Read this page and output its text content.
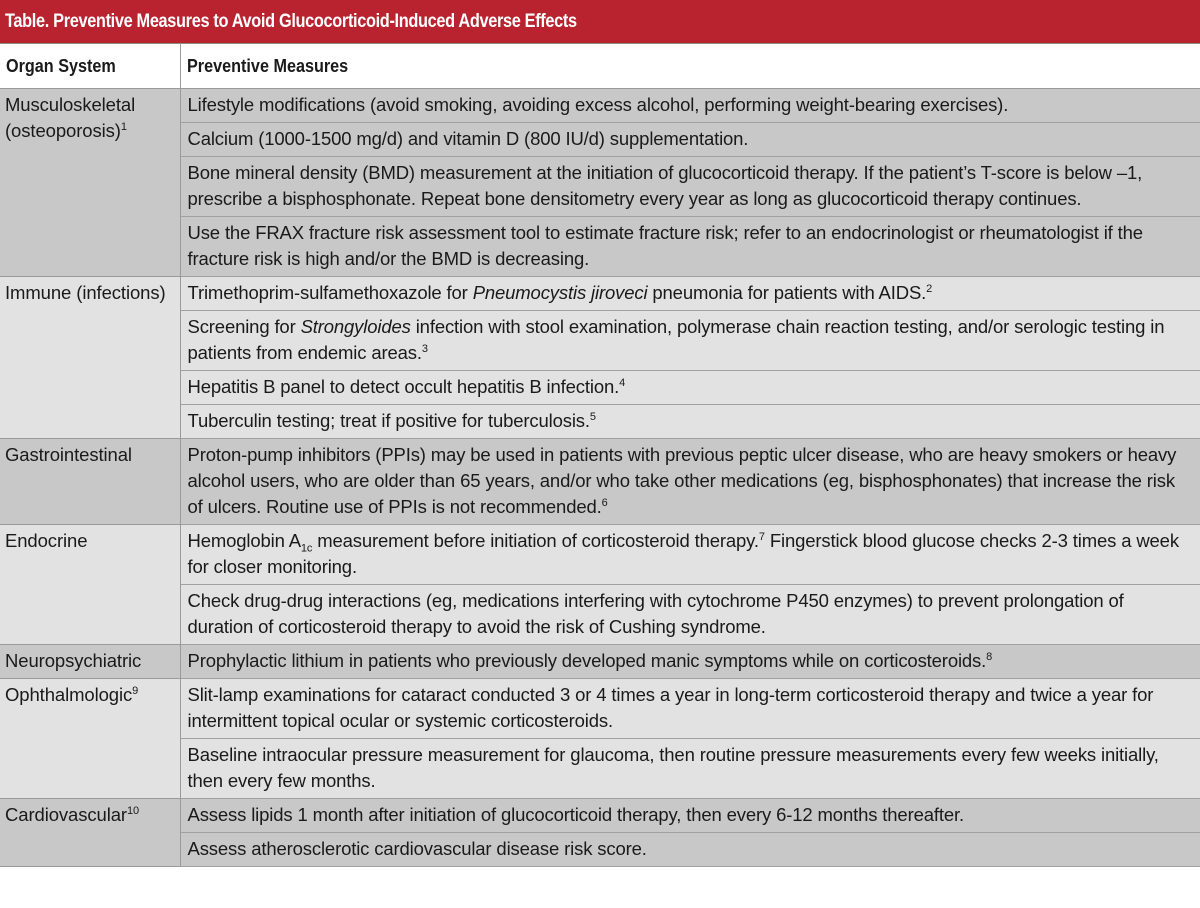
Table. Preventive Measures to Avoid Glucocorticoid-Induced Adverse Effects
Organ System	Preventive Measures
Musculoskeletal (osteoporosis)$^1$	Lifestyle modifications (avoid smoking, avoiding excess alcohol, performing weight-bearing exercises).
	Calcium (1000-1500 mg/d) and vitamin D (800 IU/d) supplementation.
	Bone mineral density (BMD) measurement at the initiation of glucocorticoid therapy. If the patient’s T-score is below –1, prescribe a bisphosphonate. Repeat bone densitometry every year as long as glucocorticoid therapy continues.
	Use the FRAX fracture risk assessment tool to estimate fracture risk; refer to an endocrinologist or rheumatologist if the fracture risk is high and/or the BMD is decreasing.
Immune (infections)	Trimethoprim-sulfamethoxazole for Pneumocystis jiroveci pneumonia for patients with AIDS.$^2$
	Screening for Strongyloides infection with stool examination, polymerase chain reaction testing, and/or serologic testing in patients from endemic areas.$^3$
	Hepatitis B panel to detect occult hepatitis B infection.$^4$
	Tuberculin testing; treat if positive for tuberculosis.$^5$
Gastrointestinal	Proton-pump inhibitors (PPIs) may be used in patients with previous peptic ulcer disease, who are heavy smokers or heavy alcohol users, who are older than 65 years, and/or who take other medications (eg, bisphosphonates) that increase the risk of ulcers. Routine use of PPIs is not recommended.$^6$
Endocrine	Hemoglobin $A_{1c}$ measurement before initiation of corticosteroid therapy.$^7$ Fingerstick blood glucose checks 2-3 times a week for closer monitoring.
	Check drug-drug interactions (eg, medications interfering with cytochrome P450 enzymes) to prevent prolongation of duration of corticosteroid therapy to avoid the risk of Cushing syndrome.
Neuropsychiatric	Prophylactic lithium in patients who previously developed manic symptoms while on corticosteroids.$^8$
Ophthalmologic$^9$	Slit-lamp examinations for cataract conducted 3 or 4 times a year in long-term corticosteroid therapy and twice a year for intermittent topical ocular or systemic corticosteroids.
	Baseline intraocular pressure measurement for glaucoma, then routine pressure measurements every few weeks initially, then every few months.
Cardiovascular$^{10}$	Assess lipids 1 month after initiation of glucocorticoid therapy, then every 6-12 months thereafter.
	Assess atherosclerotic cardiovascular disease risk score.
